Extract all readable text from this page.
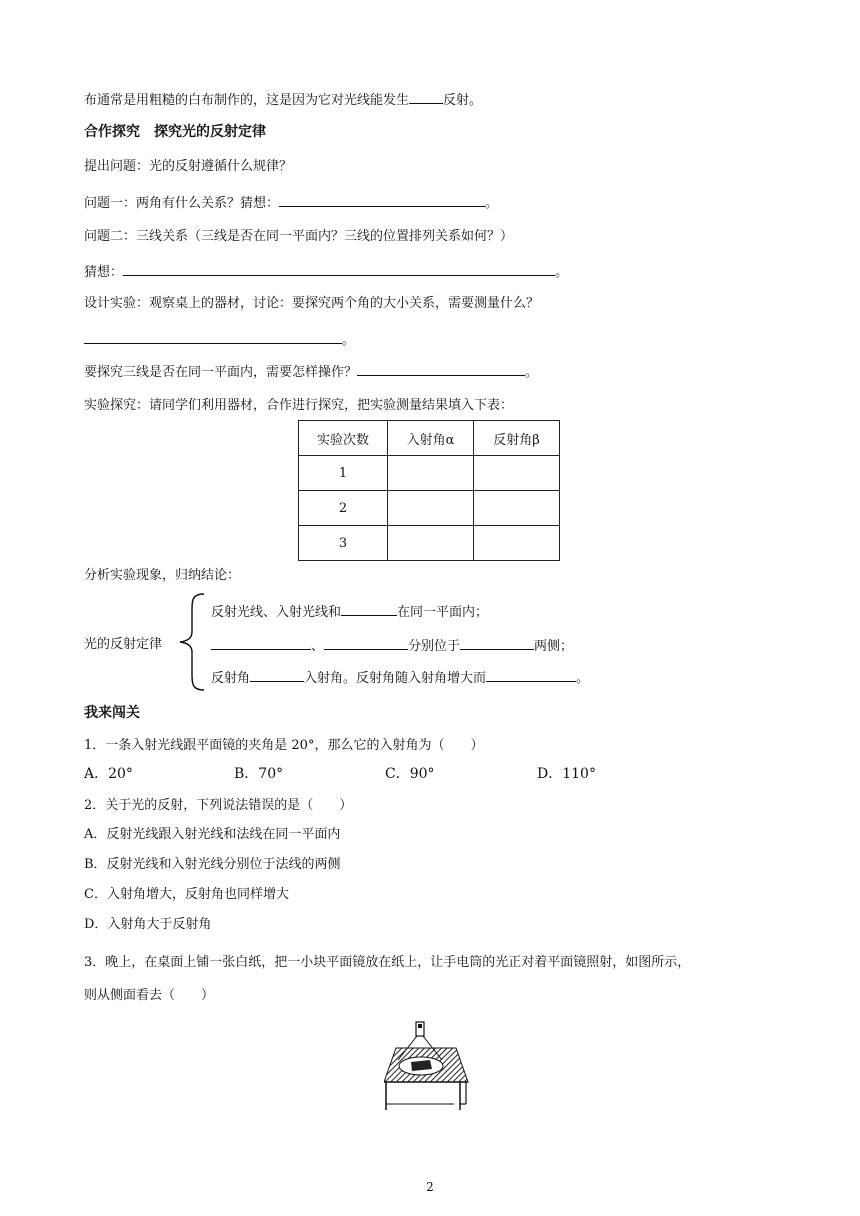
布通常是用粗糙的白布制作的，这是因为它对光线能发生	反射。
合作探究　探究光的反射定律
提出问题：光的反射遵循什么规律？
问题一：两角有什么关系？猜想：	。
问题二：三线关系（三线是否在同一平面内？三线的位置排列关系如何？）
猜想：	。
设计实验：观察桌上的器材，讨论：要探究两个角的大小关系，需要测量什么？
。
要探究三线是否在同一平面内，需要怎样操作？	。
实验探究：请同学们利用器材，合作进行探究，把实验测量结果填入下表：
实验次数	入射角α	反射角β
1		
2		
3		
分析实验现象，归纳结论：
光的反射定律
反射光线、入射光线和	在同一平面内；
、	分别位于	两侧；
反射角	入射角。反射角随入射角增大而	。
我来闯关
1．一条入射光线跟平面镜的夹角是 20°，那么它的入射角为（　　）
A．20°	B．70°	C．90°	D．110°
2．关于光的反射，下列说法错误的是（　　）
A．反射光线跟入射光线和法线在同一平面内
B．反射光线和入射光线分别位于法线的两侧
C．入射角增大，反射角也同样增大
D．入射角大于反射角
3．晚上，在桌面上铺一张白纸，把一小块平面镜放在纸上，让手电筒的光正对着平面镜照射，如图所示，
则从侧面看去（　　）
2
